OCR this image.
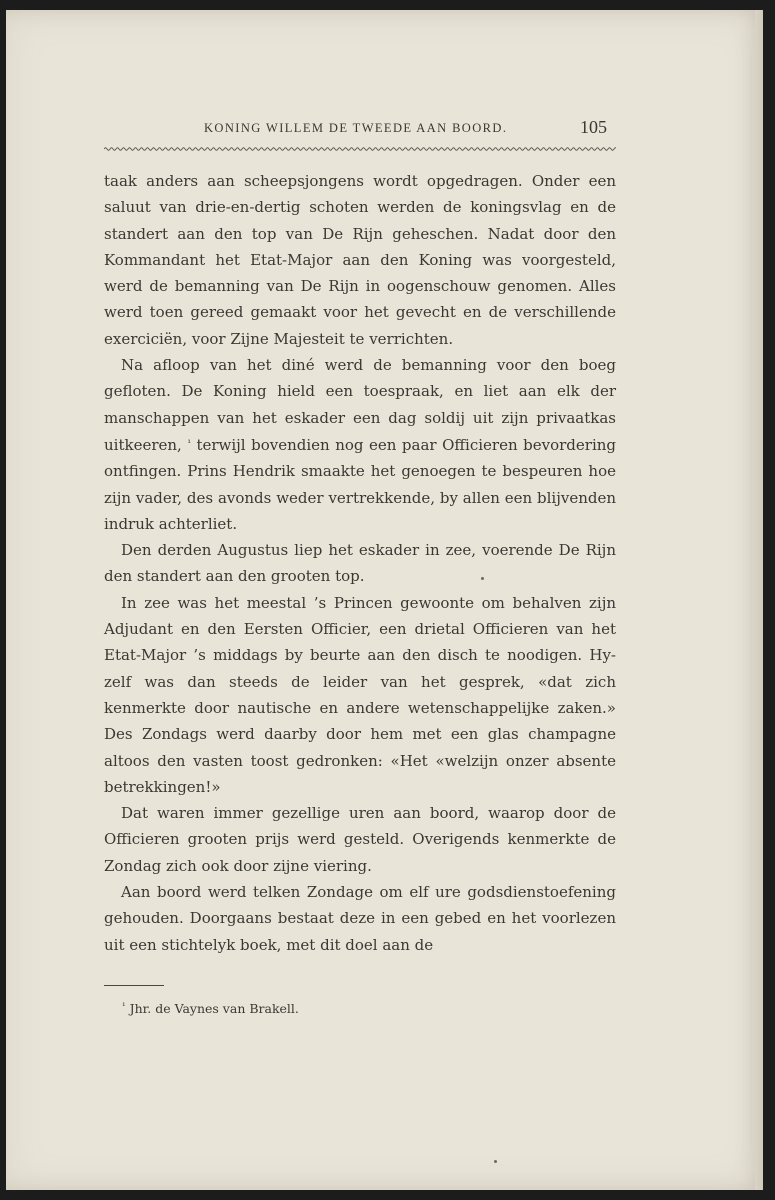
KONING WILLEM DE TWEEDE AAN BOORD.	105

taak anders aan scheepsjongens wordt opgedragen. Onder een saluut van drie-en-dertig schoten werden de koningsvlag en de standert aan den top van De Rijn geheschen. Nadat door den Kommandant het Etat-Major aan den Koning was voorgesteld, werd de bemanning van De Rijn in oogenschouw genomen. Alles werd toen gereed gemaakt voor het gevecht en de verschillende exerciciën, voor Zijne Majesteit te verrichten.

Na afloop van het diné werd de bemanning voor den boeg gefloten. De Koning hield een toespraak, en liet aan elk der manschappen van het eskader een dag soldij uit zijn privaatkas uitkeeren, $^{^1}$ terwijl bovendien nog een paar Officieren bevordering ontfingen. Prins Hendrik smaakte het genoegen te bespeuren hoe zijn vader, des avonds weder vertrekkende, by allen een blijvenden indruk achterliet.

Den derden Augustus liep het eskader in zee, voerende De Rijn den standert aan den grooten top.

In zee was het meestal ’s Princen gewoonte om behalven zijn Adjudant en den Eersten Officier, een drietal Officieren van het Etat-Major ’s middags by beurte aan den disch te noodigen. Hy-zelf was dan steeds de leider van het gesprek, «dat zich kenmerkte door nautische en andere wetenschappelijke zaken.» Des Zondags werd daarby door hem met een glas champagne altoos den vasten toost gedronken: «Het «welzijn onzer absente betrekkingen!»

Dat waren immer gezellige uren aan boord, waarop door de Officieren grooten prijs werd gesteld. Overigends kenmerkte de Zondag zich ook door zijne viering.

Aan boord werd telken Zondage om elf ure godsdienstoefening gehouden. Doorgaans bestaat deze in een gebed en het voorlezen uit een stichtelyk boek, met dit doel aan de

$^{^1}$ Jhr. de Vaynes van Brakell.
